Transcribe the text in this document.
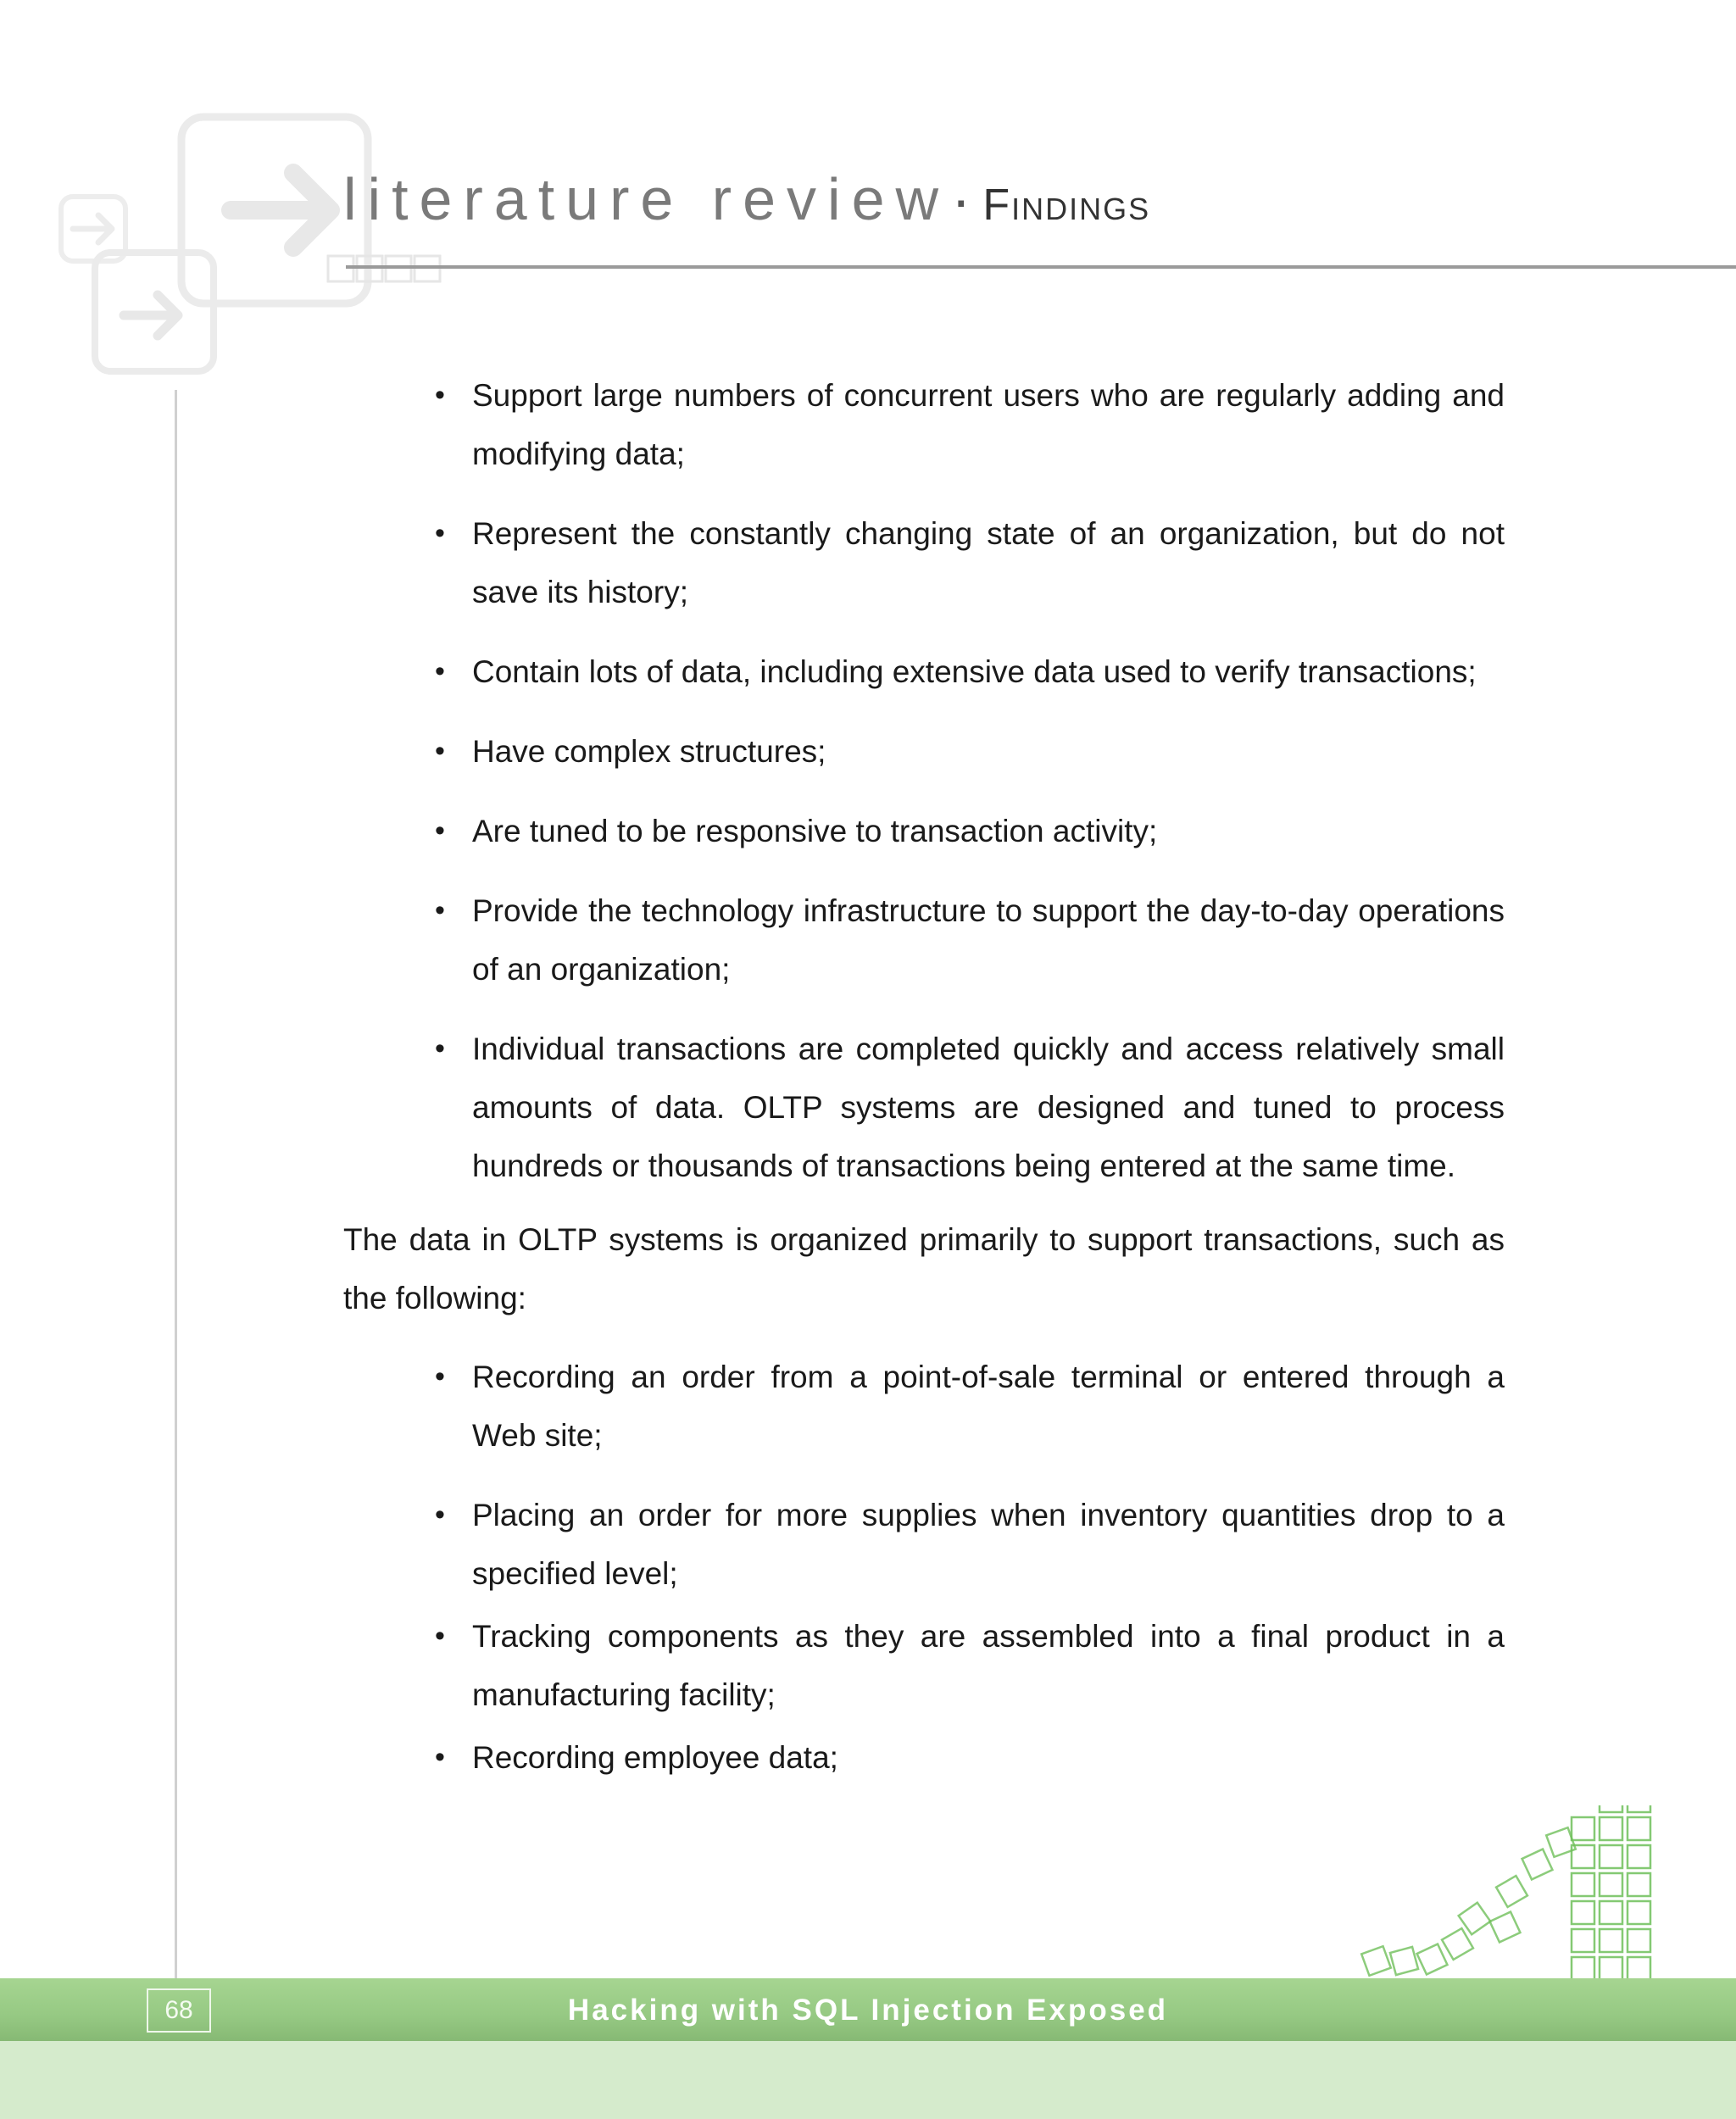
literature review· Findings
• Support large numbers of concurrent users who are regularly adding and modifying data;
• Represent the constantly changing state of an organization, but do not save its history;
• Contain lots of data, including extensive data used to verify transactions;
• Have complex structures;
• Are tuned to be responsive to transaction activity;
• Provide the technology infrastructure to support the day-to-day operations of an organization;
• Individual transactions are completed quickly and access relatively small amounts of data. OLTP systems are designed and tuned to process hundreds or thousands of transactions being entered at the same time.

The data in OLTP systems is organized primarily to support transactions, such as the following:

• Recording an order from a point-of-sale terminal or entered through a Web site;
• Placing an order for more supplies when inventory quantities drop to a specified level;
• Tracking components as they are assembled into a final product in a manufacturing facility;
• Recording employee data;
68	Hacking with SQL Injection Exposed
